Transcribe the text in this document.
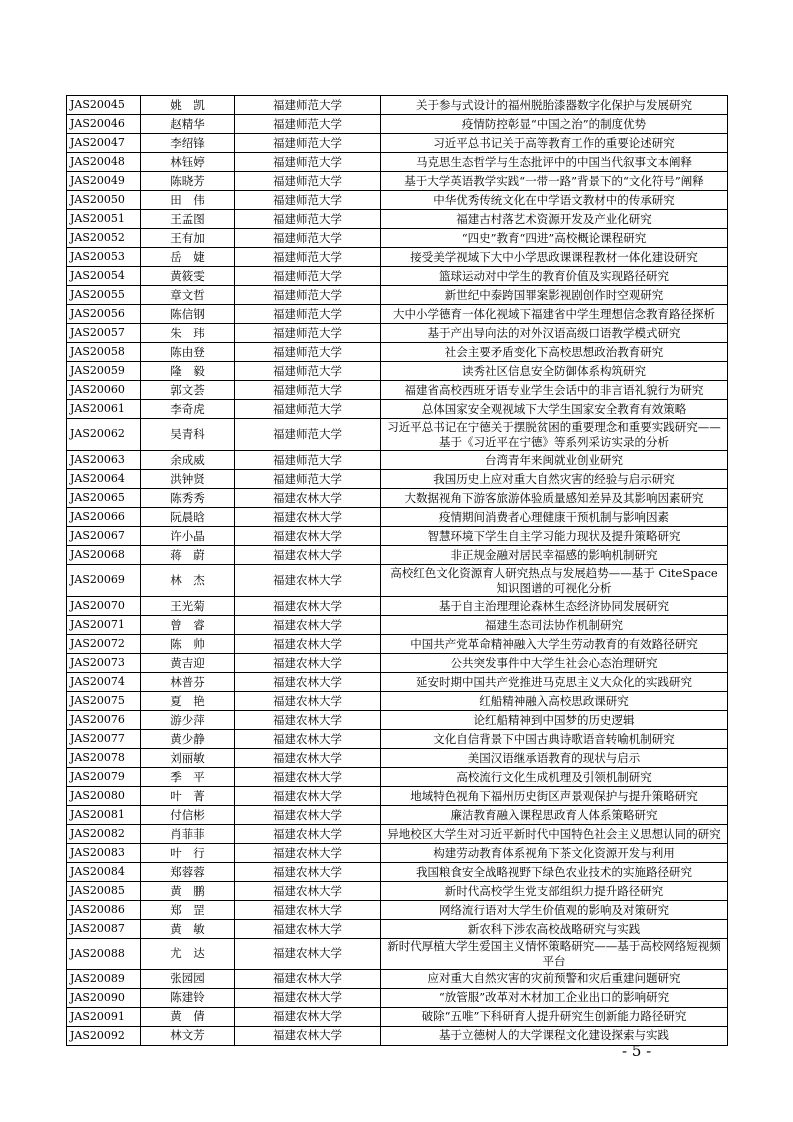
JAS20045	姚　凯	福建师范大学	关于参与式设计的福州脱胎漆器数字化保护与发展研究
JAS20046	赵精华	福建师范大学	疫情防控彰显“中国之治”的制度优势
JAS20047	李绍锋	福建师范大学	习近平总书记关于高等教育工作的重要论述研究
JAS20048	林钰婷	福建师范大学	马克思生态哲学与生态批评中的中国当代叙事文本阐释
JAS20049	陈晓芳	福建师范大学	基于大学英语教学实践“一带一路”背景下的“文化符号”阐释
JAS20050	田　伟	福建师范大学	中华优秀传统文化在中学语文教材中的传承研究
JAS20051	王孟图	福建师范大学	福建古村落艺术资源开发及产业化研究
JAS20052	王有加	福建师范大学	“四史”教育“四进”高校概论课程研究
JAS20053	岳　婕	福建师范大学	接受美学视域下大中小学思政课课程教材一体化建设研究
JAS20054	黄筱雯	福建师范大学	篮球运动对中学生的教育价值及实现路径研究
JAS20055	章文哲	福建师范大学	新世纪中泰跨国罪案影视剧创作时空观研究
JAS20056	陈信钢	福建师范大学	大中小学德育一体化视域下福建省中学生理想信念教育路径探析
JAS20057	朱　玮	福建师范大学	基于产出导向法的对外汉语高级口语教学模式研究
JAS20058	陈由登	福建师范大学	社会主要矛盾变化下高校思想政治教育研究
JAS20059	隆　毅	福建师范大学	读秀社区信息安全防御体系构筑研究
JAS20060	郭文荟	福建师范大学	福建省高校西班牙语专业学生会话中的非言语礼貌行为研究
JAS20061	李奇虎	福建师范大学	总体国家安全观视域下大学生国家安全教育有效策略
JAS20062	吴青科	福建师范大学	习近平总书记在宁德关于摆脱贫困的重要理念和重要实践研究——基于《习近平在宁德》等系列采访实录的分析
JAS20063	余成威	福建师范大学	台湾青年来闽就业创业研究
JAS20064	洪钟贤	福建师范大学	我国历史上应对重大自然灾害的经验与启示研究
JAS20065	陈秀秀	福建农林大学	大数据视角下游客旅游体验质量感知差异及其影响因素研究
JAS20066	阮晨晗	福建农林大学	疫情期间消费者心理健康干预机制与影响因素
JAS20067	许小晶	福建农林大学	智慧环境下学生自主学习能力现状及提升策略研究
JAS20068	蒋　蔚	福建农林大学	非正规金融对居民幸福感的影响机制研究
JAS20069	林　杰	福建农林大学	高校红色文化资源育人研究热点与发展趋势——基于 CiteSpace 知识图谱的可视化分析
JAS20070	王光菊	福建农林大学	基于自主治理理论森林生态经济协同发展研究
JAS20071	曾　睿	福建农林大学	福建生态司法协作机制研究
JAS20072	陈　帅	福建农林大学	中国共产党革命精神融入大学生劳动教育的有效路径研究
JAS20073	黄吉迎	福建农林大学	公共突发事件中大学生社会心态治理研究
JAS20074	林普芬	福建农林大学	延安时期中国共产党推进马克思主义大众化的实践研究
JAS20075	夏　艳	福建农林大学	红船精神融入高校思政课研究
JAS20076	游少萍	福建农林大学	论红船精神到中国梦的历史逻辑
JAS20077	黄少静	福建农林大学	文化自信背景下中国古典诗歌语音转喻机制研究
JAS20078	刘丽敏	福建农林大学	美国汉语继承语教育的现状与启示
JAS20079	季　平	福建农林大学	高校流行文化生成机理及引领机制研究
JAS20080	叶　菁	福建农林大学	地域特色视角下福州历史街区声景观保护与提升策略研究
JAS20081	付信彬	福建农林大学	廉洁教育融入课程思政育人体系策略研究
JAS20082	肖菲菲	福建农林大学	异地校区大学生对习近平新时代中国特色社会主义思想认同的研究
JAS20083	叶　行	福建农林大学	构建劳动教育体系视角下茶文化资源开发与利用
JAS20084	郑蓉蓉	福建农林大学	我国粮食安全战略视野下绿色农业技术的实施路径研究
JAS20085	黄　鹏	福建农林大学	新时代高校学生党支部组织力提升路径研究
JAS20086	郑　罡	福建农林大学	网络流行语对大学生价值观的影响及对策研究
JAS20087	黄　敏	福建农林大学	新农科下涉农高校战略研究与实践
JAS20088	尤　达	福建农林大学	新时代厚植大学生爱国主义情怀策略研究——基于高校网络短视频平台
JAS20089	张园园	福建农林大学	应对重大自然灾害的灾前预警和灾后重建问题研究
JAS20090	陈建铃	福建农林大学	“放管服”改革对木材加工企业出口的影响研究
JAS20091	黄　倩	福建农林大学	破除“五唯”下科研育人提升研究生创新能力路径研究
JAS20092	林文芳	福建农林大学	基于立德树人的大学课程文化建设探索与实践
- 5 -
